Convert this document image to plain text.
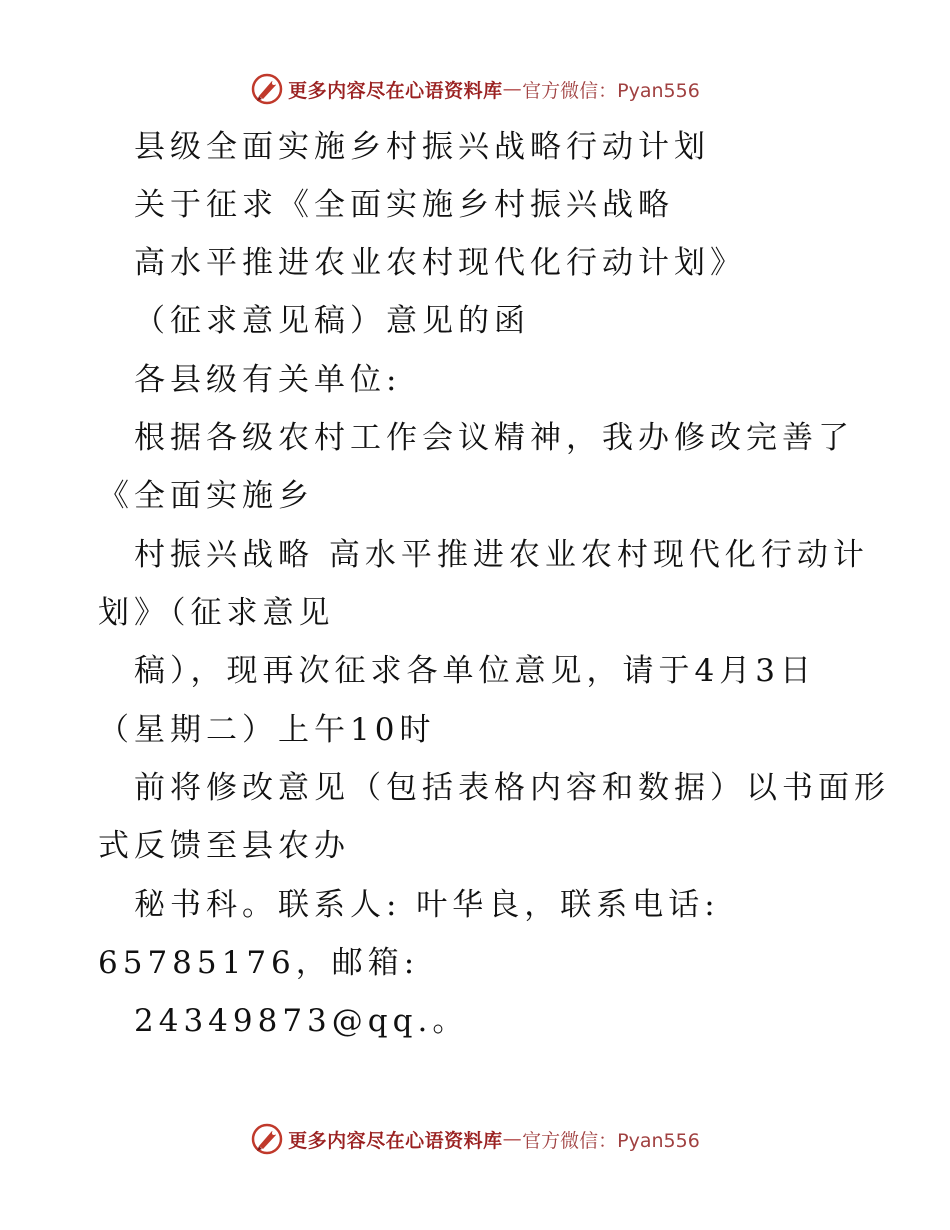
更多内容尽在心语资料库 — 官方微信：Pyan556
县级全面实施乡村振兴战略行动计划
关于征求《全面实施乡村振兴战略
高水平推进农业农村现代化行动计划》
（征求意见稿）意见的函
各县级有关单位:
根据各级农村工作会议精神，我办修改完善了
《全面实施乡
村振兴战略 高水平推进农业农村现代化行动计
划》（征求意见
稿），现再次征求各单位意见，请于4月3日
（星期二）上午10时
前将修改意见（包括表格内容和数据）以书面形
式反馈至县农办
秘书科。联系人: 叶华良，联系电话:
65785176，邮箱:
24349873@qq.。
更多内容尽在心语资料库 — 官方微信：Pyan556
